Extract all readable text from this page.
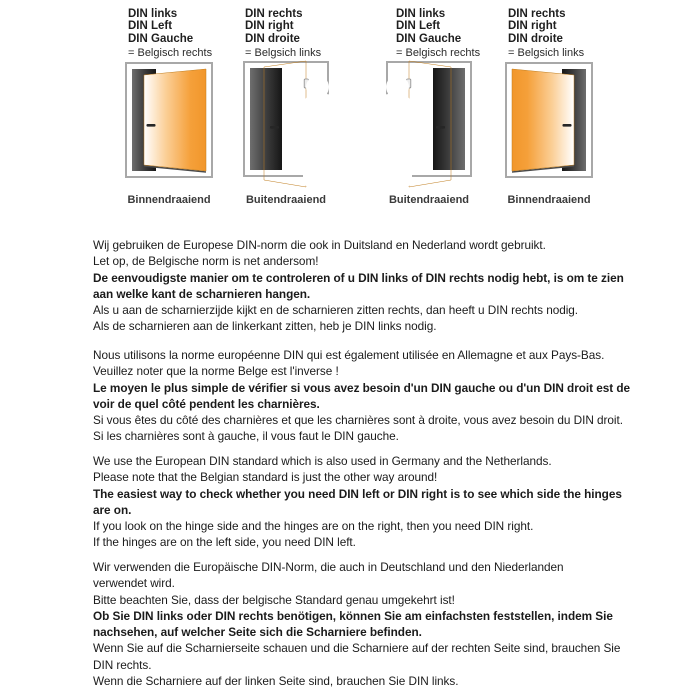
DIN links
DIN Left
DIN Gauche
= Belgisch rechts
Binnendraaiend
DIN rechts
DIN right
DIN droite
= Belgsich links
Buitendraaiend
DIN links
DIN Left
DIN Gauche
= Belgisch rechts
Buitendraaiend
DIN rechts
DIN right
DIN droite
= Belgsich links
Binnendraaiend
Wij gebruiken de Europese DIN-norm die ook in Duitsland en Nederland wordt gebruikt.
Let op, de Belgische norm is net andersom!
De eenvoudigste manier om te controleren of u DIN links of DIN rechts nodig hebt, is om te zien
aan welke kant de scharnieren hangen.
Als u aan de scharnierzijde kijkt en de scharnieren zitten rechts, dan heeft u DIN rechts nodig.
Als de scharnieren aan de linkerkant zitten, heb je DIN links nodig.
Nous utilisons la norme européenne DIN qui est également utilisée en Allemagne et aux Pays-Bas.
Veuillez noter que la norme Belge est l'inverse !
Le moyen le plus simple de vérifier si vous avez besoin d'un DIN gauche ou d'un DIN droit est de
voir de quel côté pendent les charnières.
Si vous êtes du côté des charnières et que les charnières sont à droite, vous avez besoin du DIN droit.
Si les charnières sont à gauche, il vous faut le DIN gauche.
We use the European DIN standard which is also used in Germany and the Netherlands.
Please note that the Belgian standard is just the other way around!
The easiest way to check whether you need DIN left or DIN right is to see which side the hinges
are on.
If you look on the hinge side and the hinges are on the right, then you need DIN right.
If the hinges are on the left side, you need DIN left.
Wir verwenden die Europäische DIN-Norm, die auch in Deutschland und den Niederlanden
verwendet wird.
Bitte beachten Sie, dass der belgische Standard genau umgekehrt ist!
Ob Sie DIN links oder DIN rechts benötigen, können Sie am einfachsten feststellen, indem Sie
nachsehen, auf welcher Seite sich die Scharniere befinden.
Wenn Sie auf die Scharnierseite schauen und die Scharniere auf der rechten Seite sind, brauchen Sie
DIN rechts.
Wenn die Scharniere auf der linken Seite sind, brauchen Sie DIN links.
